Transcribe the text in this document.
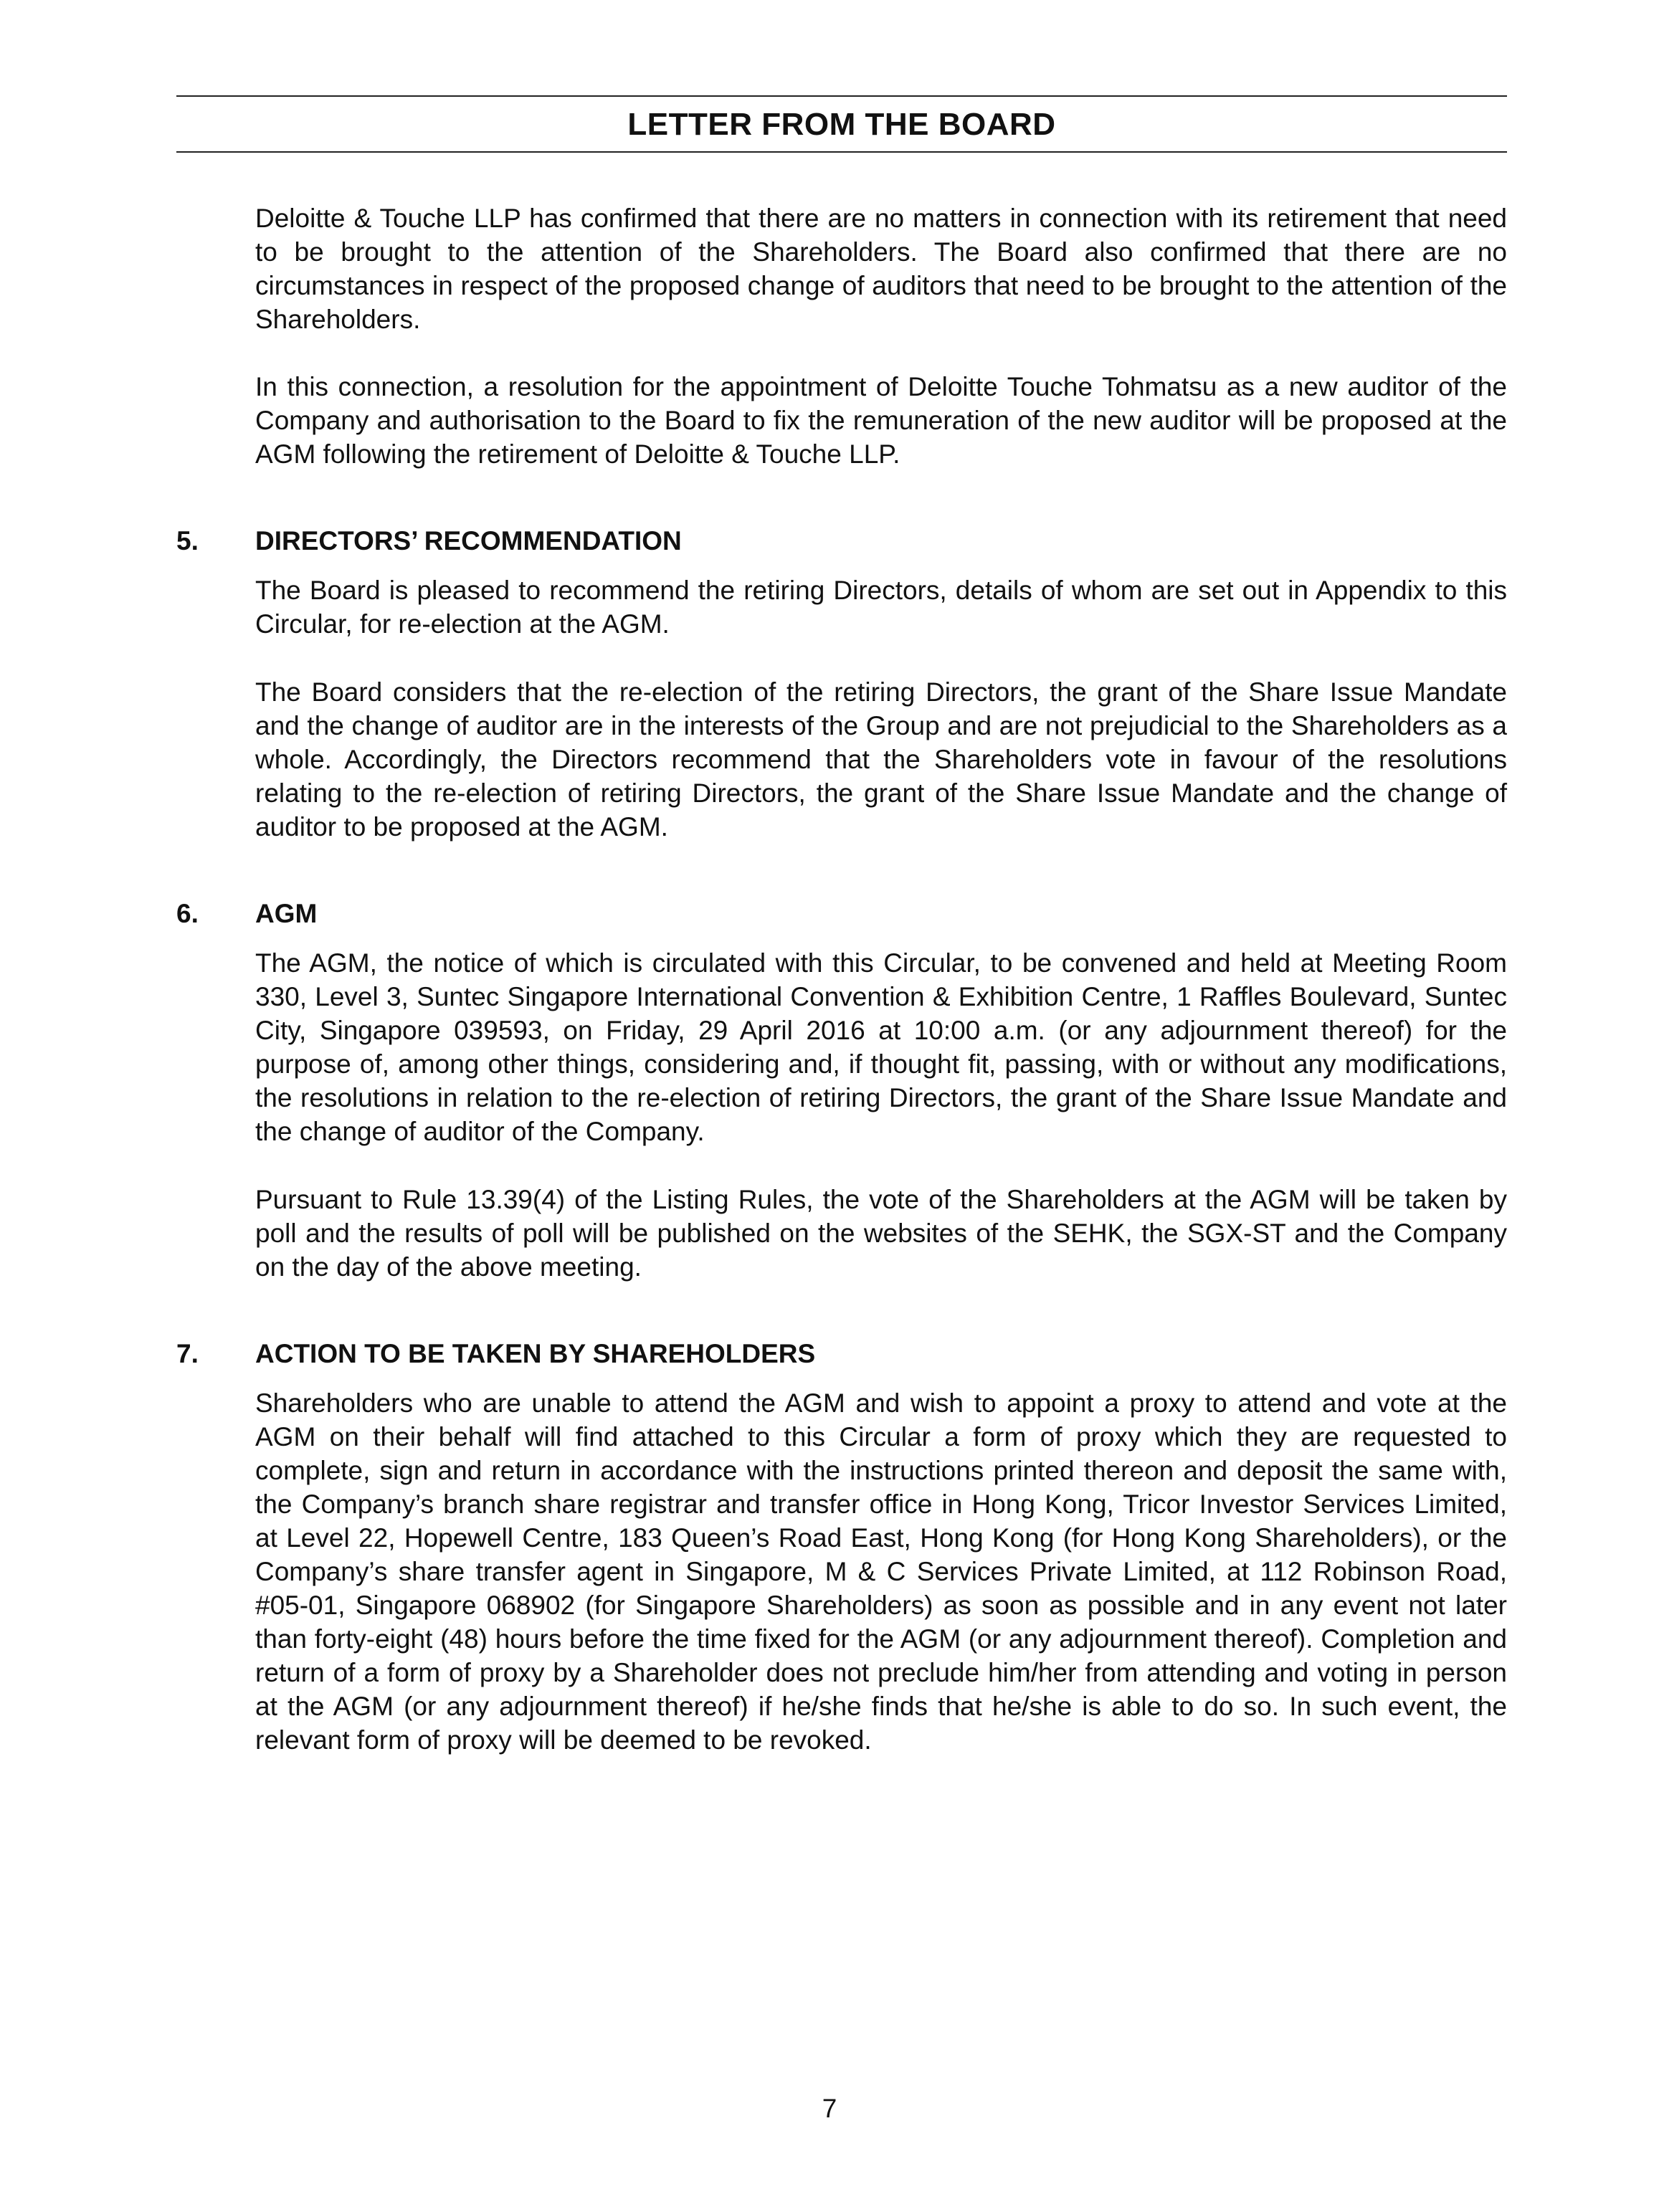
LETTER FROM THE BOARD

Deloitte & Touche LLP has confirmed that there are no matters in connection with its retirement that need to be brought to the attention of the Shareholders. The Board also confirmed that there are no circumstances in respect of the proposed change of auditors that need to be brought to the attention of the Shareholders.

In this connection, a resolution for the appointment of Deloitte Touche Tohmatsu as a new auditor of the Company and authorisation to the Board to fix the remuneration of the new auditor will be proposed at the AGM following the retirement of Deloitte & Touche LLP.

5. DIRECTORS’ RECOMMENDATION

The Board is pleased to recommend the retiring Directors, details of whom are set out in Appendix to this Circular, for re-election at the AGM.

The Board considers that the re-election of the retiring Directors, the grant of the Share Issue Mandate and the change of auditor are in the interests of the Group and are not prejudicial to the Shareholders as a whole. Accordingly, the Directors recommend that the Shareholders vote in favour of the resolutions relating to the re-election of retiring Directors, the grant of the Share Issue Mandate and the change of auditor to be proposed at the AGM.

6. AGM

The AGM, the notice of which is circulated with this Circular, to be convened and held at Meeting Room 330, Level 3, Suntec Singapore International Convention & Exhibition Centre, 1 Raffles Boulevard, Suntec City, Singapore 039593, on Friday, 29 April 2016 at 10:00 a.m. (or any adjournment thereof) for the purpose of, among other things, considering and, if thought fit, passing, with or without any modifications, the resolutions in relation to the re-election of retiring Directors, the grant of the Share Issue Mandate and the change of auditor of the Company.

Pursuant to Rule 13.39(4) of the Listing Rules, the vote of the Shareholders at the AGM will be taken by poll and the results of poll will be published on the websites of the SEHK, the SGX-ST and the Company on the day of the above meeting.

7. ACTION TO BE TAKEN BY SHAREHOLDERS

Shareholders who are unable to attend the AGM and wish to appoint a proxy to attend and vote at the AGM on their behalf will find attached to this Circular a form of proxy which they are requested to complete, sign and return in accordance with the instructions printed thereon and deposit the same with, the Company’s branch share registrar and transfer office in Hong Kong, Tricor Investor Services Limited, at Level 22, Hopewell Centre, 183 Queen’s Road East, Hong Kong (for Hong Kong Shareholders), or the Company’s share transfer agent in Singapore, M & C Services Private Limited, at 112 Robinson Road, #05-01, Singapore 068902 (for Singapore Shareholders) as soon as possible and in any event not later than forty-eight (48) hours before the time fixed for the AGM (or any adjournment thereof). Completion and return of a form of proxy by a Shareholder does not preclude him/her from attending and voting in person at the AGM (or any adjournment thereof) if he/she finds that he/she is able to do so. In such event, the relevant form of proxy will be deemed to be revoked.

7
